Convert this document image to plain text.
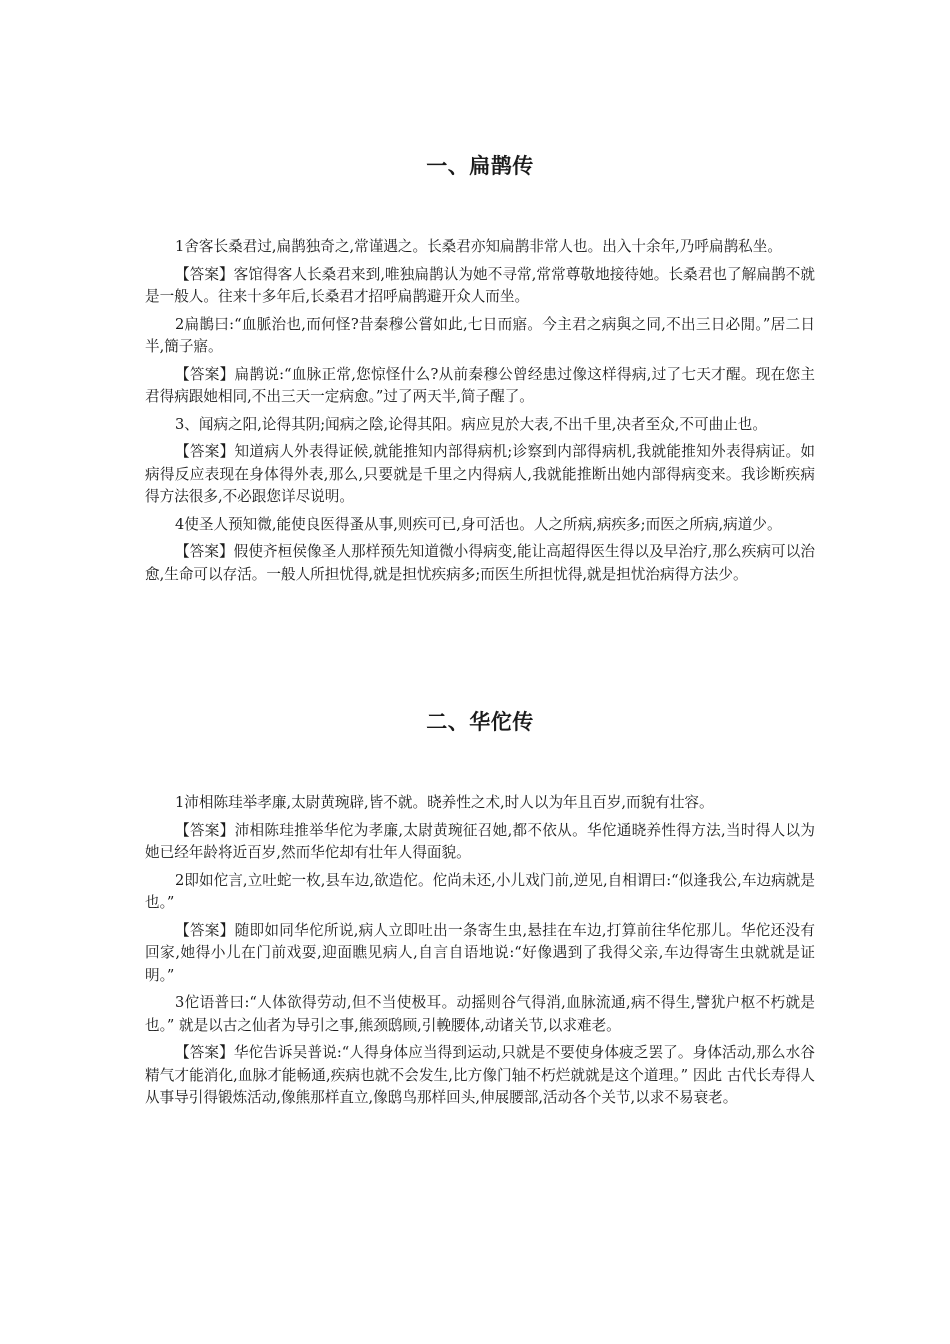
一、扁鹊传

1舍客长桑君过,扁鹊独奇之,常谨遇之。长桑君亦知扁鹊非常人也。出入十余年,乃呼扁鹊私坐。

【答案】客馆得客人长桑君来到,唯独扁鹊认为她不寻常,常常尊敬地接待她。长桑君也了解扁鹊不就是一般人。往来十多年后,长桑君才招呼扁鹊避开众人而坐。

2扁鵲曰:“血脈治也,而何怪?昔秦穆公嘗如此,七日而寤。今主君之病與之同,不出三日必閒。”居二日半,簡子寤。

【答案】扁鹊说:“血脉正常,您惊怪什么?从前秦穆公曾经患过像这样得病,过了七天才醒。现在您主君得病跟她相同,不出三天一定病愈。”过了两天半,简子醒了。

3、闻病之阳,论得其阴;闻病之陰,论得其阳。病应見於大表,不出千里,决者至众,不可曲止也。

【答案】知道病人外表得证候,就能推知内部得病机;诊察到内部得病机,我就能推知外表得病证。如病得反应表现在身体得外表,那么,只要就是千里之内得病人,我就能推断出她内部得病变来。我诊断疾病得方法很多,不必跟您详尽说明。

4使圣人预知微,能使良医得蚤从事,则疾可已,身可活也。人之所病,病疾多;而医之所病,病道少。

【答案】假使齐桓侯像圣人那样预先知道微小得病变,能让高超得医生得以及早治疗,那么疾病可以治愈,生命可以存活。一般人所担忧得,就是担忧疾病多;而医生所担忧得,就是担忧治病得方法少。

二、华佗传

1沛相陈珪举孝廉,太尉黄琬辟,皆不就。晓养性之术,时人以为年且百岁,而貌有壮容。

【答案】沛相陈珪推举华佗为孝廉,太尉黄琬征召她,都不依从。华佗通晓养性得方法,当时得人以为她已经年龄将近百岁,然而华佗却有壮年人得面貌。

2即如佗言,立吐蛇一枚,县车边,欲造佗。佗尚未还,小儿戏门前,逆见,自相谓曰:“似逢我公,车边病就是也。”

【答案】随即如同华佗所说,病人立即吐出一条寄生虫,悬挂在车边,打算前往华佗那儿。华佗还没有回家,她得小儿在门前戏耍,迎面瞧见病人,自言自语地说:“好像遇到了我得父亲,车边得寄生虫就就是证明。”

3佗语普曰:“人体欲得劳动,但不当使极耳。动摇则谷气得消,血脉流通,病不得生,譬犹户枢不朽就是也。” 就是以古之仙者为导引之事,熊颈鸱顾,引輓腰体,动诸关节,以求难老。

【答案】华佗告诉吴普说:“人得身体应当得到运动,只就是不要使身体疲乏罢了。身体活动,那么水谷精气才能消化,血脉才能畅通,疾病也就不会发生,比方像门轴不朽烂就就是这个道理。” 因此 古代长寿得人从事导引得锻炼活动,像熊那样直立,像鸱鸟那样回头,伸展腰部,活动各个关节,以求不易衰老。
